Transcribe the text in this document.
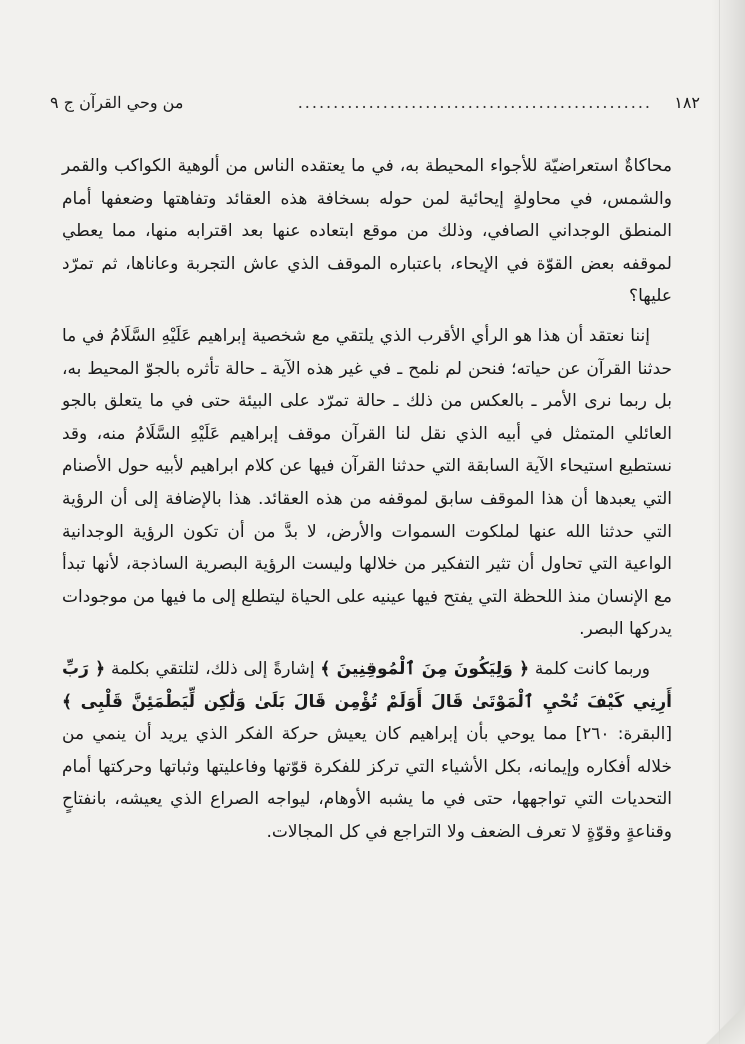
١٨٢
..................................................
من وحي القرآن ج ٩

محاكاةٌ استعراضيّة للأجواء المحيطة به، في ما يعتقده الناس من ألوهية الكواكب والقمر والشمس، في محاولةٍ إيحائية لمن حوله بسخافة هذه العقائد وتفاهتها وضعفها أمام المنطق الوجداني الصافي، وذلك من موقع ابتعاده عنها بعد اقترابه منها، مما يعطي لموقفه بعض القوّة في الإيحاء، باعتباره الموقف الذي عاش التجربة وعاناها، ثم تمرّد عليها؟

إننا نعتقد أن هذا هو الرأي الأقرب الذي يلتقي مع شخصية إبراهيم عَلَيْهِ السَّلَامُ في ما حدثنا القرآن عن حياته؛ فنحن لم نلمح ـ في غير هذه الآية ـ حالة تأثره بالجوّ المحيط به، بل ربما نرى الأمر ـ بالعكس من ذلك ـ حالة تمرّد على البيئة حتى في ما يتعلق بالجو العائلي المتمثل في أبيه الذي نقل لنا القرآن موقف إبراهيم عَلَيْهِ السَّلَامُ منه، وقد نستطيع استيحاء الآية السابقة التي حدثنا القرآن فيها عن كلام ابراهيم لأبيه حول الأصنام التي يعبدها أن هذا الموقف سابق لموقفه من هذه العقائد. هذا بالإضافة إلى أن الرؤية التي حدثنا الله عنها لملكوت السموات والأرض، لا بدَّ من أن تكون الرؤية الوجدانية الواعية التي تحاول أن تثير التفكير من خلالها وليست الرؤية البصرية الساذجة، لأنها تبدأ مع الإنسان منذ اللحظة التي يفتح فيها عينيه على الحياة ليتطلع إلى ما فيها من موجودات يدركها البصر.

وربما كانت كلمة ﴿ وَلِيَكُونَ مِنَ ٱلْمُوقِنِينَ ﴾ إشارةً إلى ذلك، لتلتقي بكلمة ﴿ رَبِّ أَرِنِي كَيْفَ تُحْيِ ٱلْمَوْتَىٰ قَالَ أَوَلَمْ تُؤْمِن قَالَ بَلَىٰ وَلَٰكِن لِّيَطْمَئِنَّ قَلْبِى ﴾ [البقرة: ٢٦٠] مما يوحي بأن إبراهيم كان يعيش حركة الفكر الذي يريد أن ينمي من خلاله أفكاره وإيمانه، بكل الأشياء التي تركز للفكرة قوّتها وفاعليتها وثباتها وحركتها أمام التحديات التي تواجهها، حتى في ما يشبه الأوهام، ليواجه الصراع الذي يعيشه، بانفتاحٍ وقناعةٍ وقوّةٍ لا تعرف الضعف ولا التراجع في كل المجالات.
